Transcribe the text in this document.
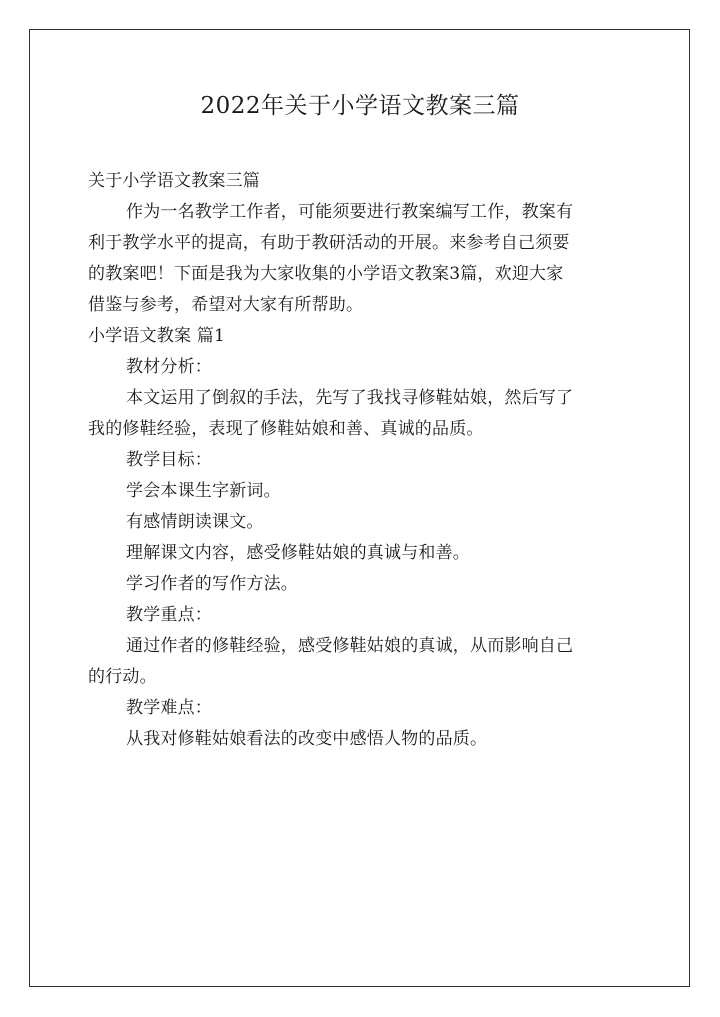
2022年关于小学语文教案三篇
关于小学语文教案三篇
作为一名教学工作者，可能须要进行教案编写工作，教案有
利于教学水平的提高，有助于教研活动的开展。来参考自己须要
的教案吧！下面是我为大家收集的小学语文教案3篇，欢迎大家
借鉴与参考，希望对大家有所帮助。
小学语文教案 篇1
教材分析：
本文运用了倒叙的手法，先写了我找寻修鞋姑娘，然后写了
我的修鞋经验，表现了修鞋姑娘和善、真诚的品质。
教学目标：
学会本课生字新词。
有感情朗读课文。
理解课文内容，感受修鞋姑娘的真诚与和善。
学习作者的写作方法。
教学重点：
通过作者的修鞋经验，感受修鞋姑娘的真诚，从而影响自己
的行动。
教学难点：
从我对修鞋姑娘看法的改变中感悟人物的品质。
